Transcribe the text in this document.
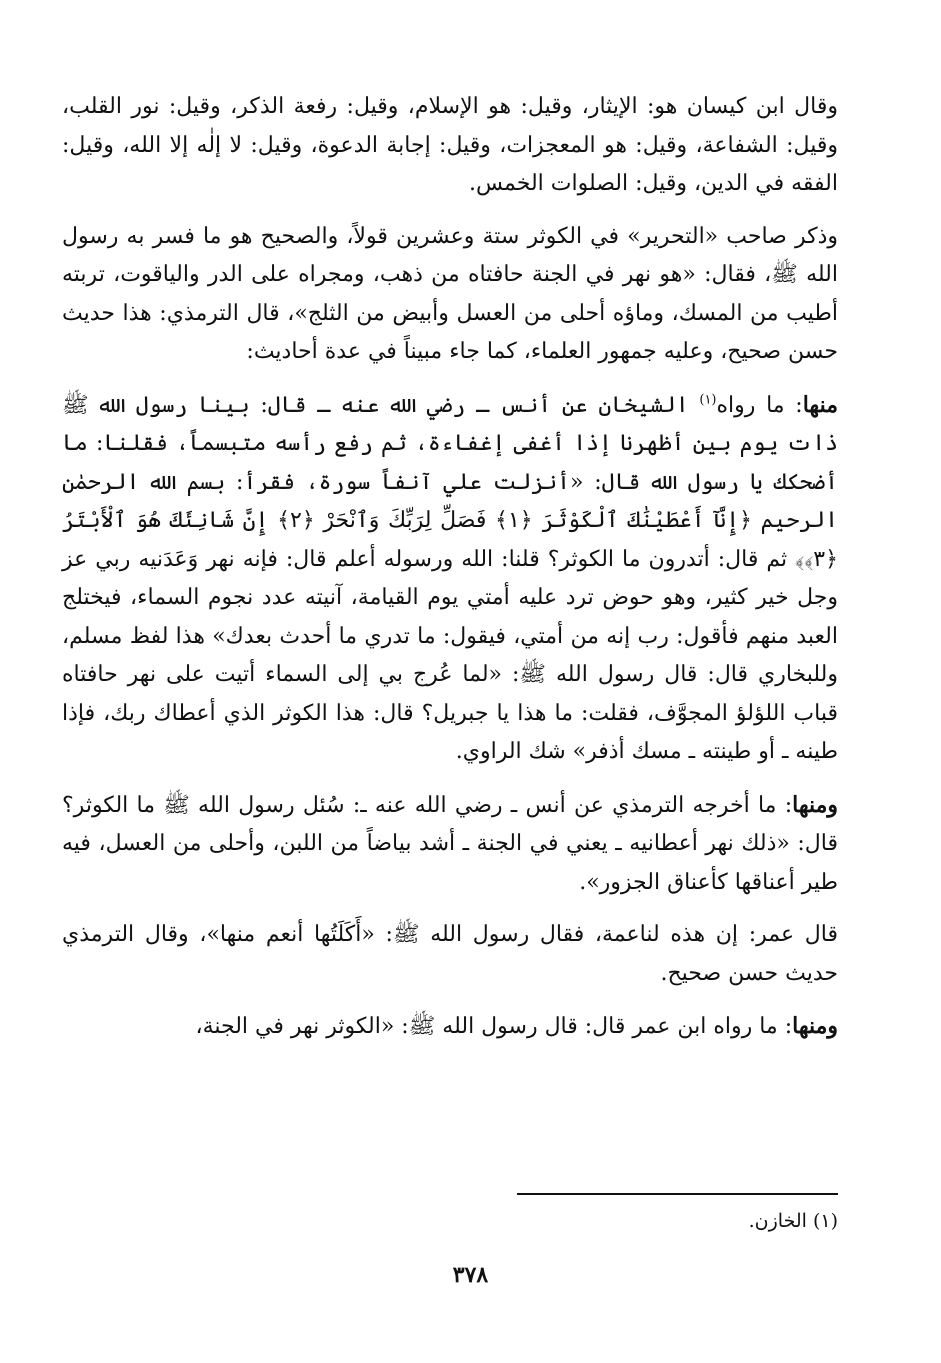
وقال ابن كيسان هو: الإيثار، وقيل: هو الإسلام، وقيل: رفعة الذكر، وقيل: نور القلب، وقيل: الشفاعة، وقيل: هو المعجزات، وقيل: إجابة الدعوة، وقيل: لا إلٰه إلا الله، وقيل: الفقه في الدين، وقيل: الصلوات الخمس.

وذكر صاحب «التحرير» في الكوثر ستة وعشرين قولاً، والصحيح هو ما فسر به رسول الله ﷺ، فقال: «هو نهر في الجنة حافتاه من ذهب، ومجراه على الدر والياقوت، تربته أطيب من المسك، وماؤه أحلى من العسل وأبيض من الثلج»، قال الترمذي: هذا حديث حسن صحيح، وعليه جمهور العلماء، كما جاء مبيناً في عدة أحاديث:

منها: ما رواه$^{(١)}$ الشيخان عن أنس ـ رضي الله عنه ـ قال: بينا رسول الله ﷺ ذات يوم بين أظهرنا إذا أغفى إغفاءة، ثم رفع رأسه متبسماً، فقلنا: ما أضحكك يا رسول الله قال: «أنزلت علي آنفاً سورة، فقرأ: بسم الله الرحمٰن الرحيم ﴿إِنَّآ أَعْطَيْنَٰكَ ٱلْكَوْثَرَ ﴿١﴾ فَصَلِّ لِرَبِّكَ وَٱنْحَرْ ﴿٢﴾ إِنَّ شَانِئَكَ هُوَ ٱلْأَبْتَرُ ﴿٣﴾﴾ ثم قال: أتدرون ما الكوثر؟ قلنا: الله ورسوله أعلم قال: فإنه نهر وَعَدَنيه ربي عز وجل خير كثير، وهو حوض ترد عليه أمتي يوم القيامة، آنيته عدد نجوم السماء، فيختلج العبد منهم فأقول: رب إنه من أمتي، فيقول: ما تدري ما أحدث بعدك» هذا لفظ مسلم، وللبخاري قال: قال رسول الله ﷺ: «لما عُرج بي إلى السماء أتيت على نهر حافتاه قباب اللؤلؤ المجوَّف، فقلت: ما هذا يا جبريل؟ قال: هذا الكوثر الذي أعطاك ربك، فإذا طينه ـ أو طينته ـ مسك أذفر» شك الراوي.

ومنها: ما أخرجه الترمذي عن أنس ـ رضي الله عنه ـ: سُئل رسول الله ﷺ ما الكوثر؟ قال: «ذلك نهر أعطانيه ـ يعني في الجنة ـ أشد بياضاً من اللبن، وأحلى من العسل، فيه طير أعناقها كأعناق الجزور».

قال عمر: إن هذه لناعمة، فقال رسول الله ﷺ: «أَكَلَتُها أنعم منها»، وقال الترمذي حديث حسن صحيح.

ومنها: ما رواه ابن عمر قال: قال رسول الله ﷺ: «الكوثر نهر في الجنة،

(١) الخازن.
٣٧٨
